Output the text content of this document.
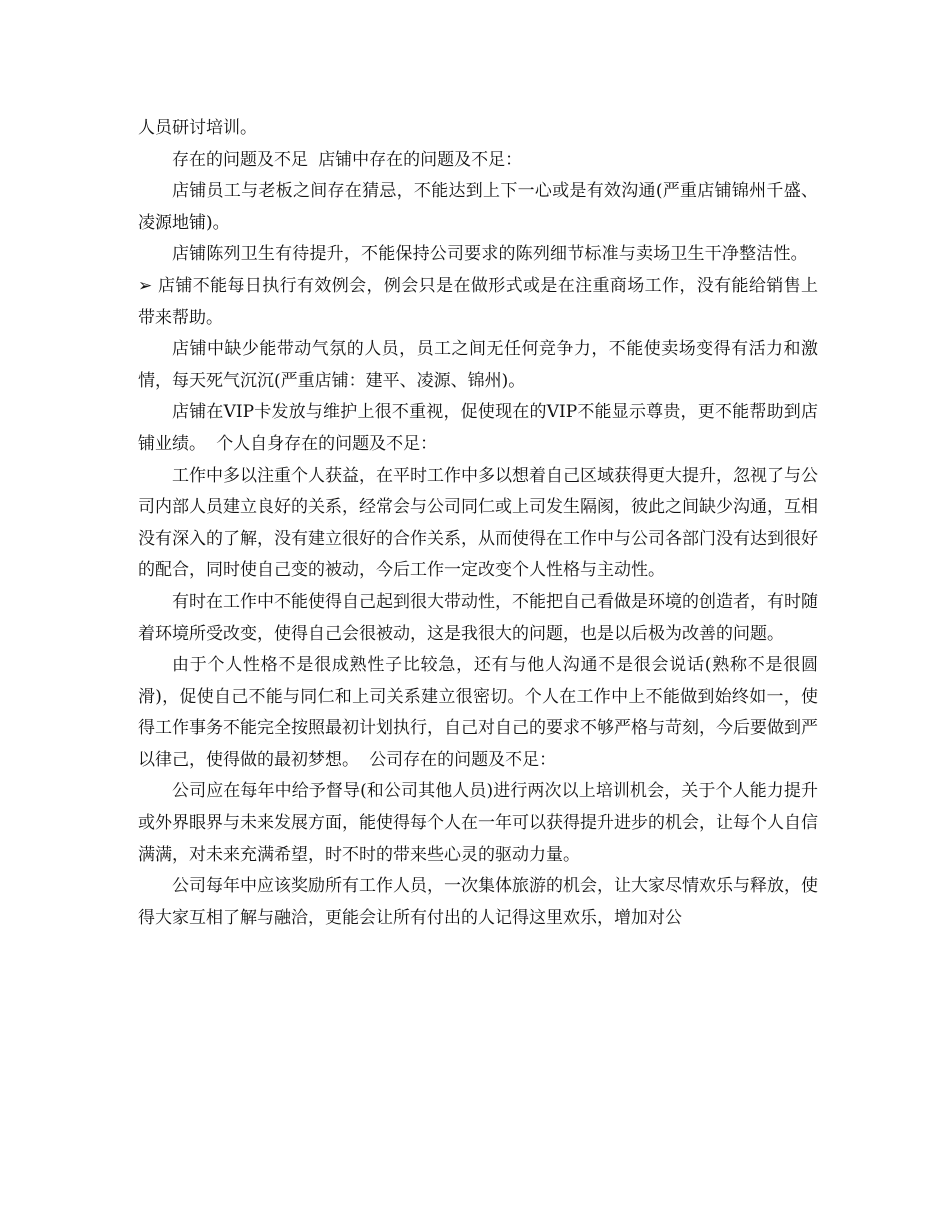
人员研讨培训。

存在的问题及不足 店铺中存在的问题及不足：

店铺员工与老板之间存在猜忌，不能达到上下一心或是有效沟通(严重店铺锦州千盛、凌源地铺)。

店铺陈列卫生有待提升，不能保持公司要求的陈列细节标准与卖场卫生干净整洁性。➢ 店铺不能每日执行有效例会，例会只是在做形式或是在注重商场工作，没有能给销售上带来帮助。

店铺中缺少能带动气氛的人员，员工之间无任何竞争力，不能使卖场变得有活力和激情，每天死气沉沉(严重店铺：建平、凌源、锦州)。

店铺在VIP卡发放与维护上很不重视，促使现在的VIP不能显示尊贵，更不能帮助到店铺业绩。 个人自身存在的问题及不足：

工作中多以注重个人获益，在平时工作中多以想着自己区域获得更大提升，忽视了与公司内部人员建立良好的关系，经常会与公司同仁或上司发生隔阂，彼此之间缺少沟通，互相没有深入的了解，没有建立很好的合作关系，从而使得在工作中与公司各部门没有达到很好的配合，同时使自己变的被动，今后工作一定改变个人性格与主动性。

有时在工作中不能使得自己起到很大带动性，不能把自己看做是环境的创造者，有时随着环境所受改变，使得自己会很被动，这是我很大的问题，也是以后极为改善的问题。

由于个人性格不是很成熟性子比较急，还有与他人沟通不是很会说话(熟称不是很圆滑)，促使自己不能与同仁和上司关系建立很密切。个人在工作中上不能做到始终如一，使得工作事务不能完全按照最初计划执行，自己对自己的要求不够严格与苛刻，今后要做到严以律己，使得做的最初梦想。 公司存在的问题及不足：

公司应在每年中给予督导(和公司其他人员)进行两次以上培训机会，关于个人能力提升或外界眼界与未来发展方面，能使得每个人在一年可以获得提升进步的机会，让每个人自信满满，对未来充满希望，时不时的带来些心灵的驱动力量。

公司每年中应该奖励所有工作人员，一次集体旅游的机会，让大家尽情欢乐与释放，使得大家互相了解与融洽，更能会让所有付出的人记得这里欢乐，增加对公
